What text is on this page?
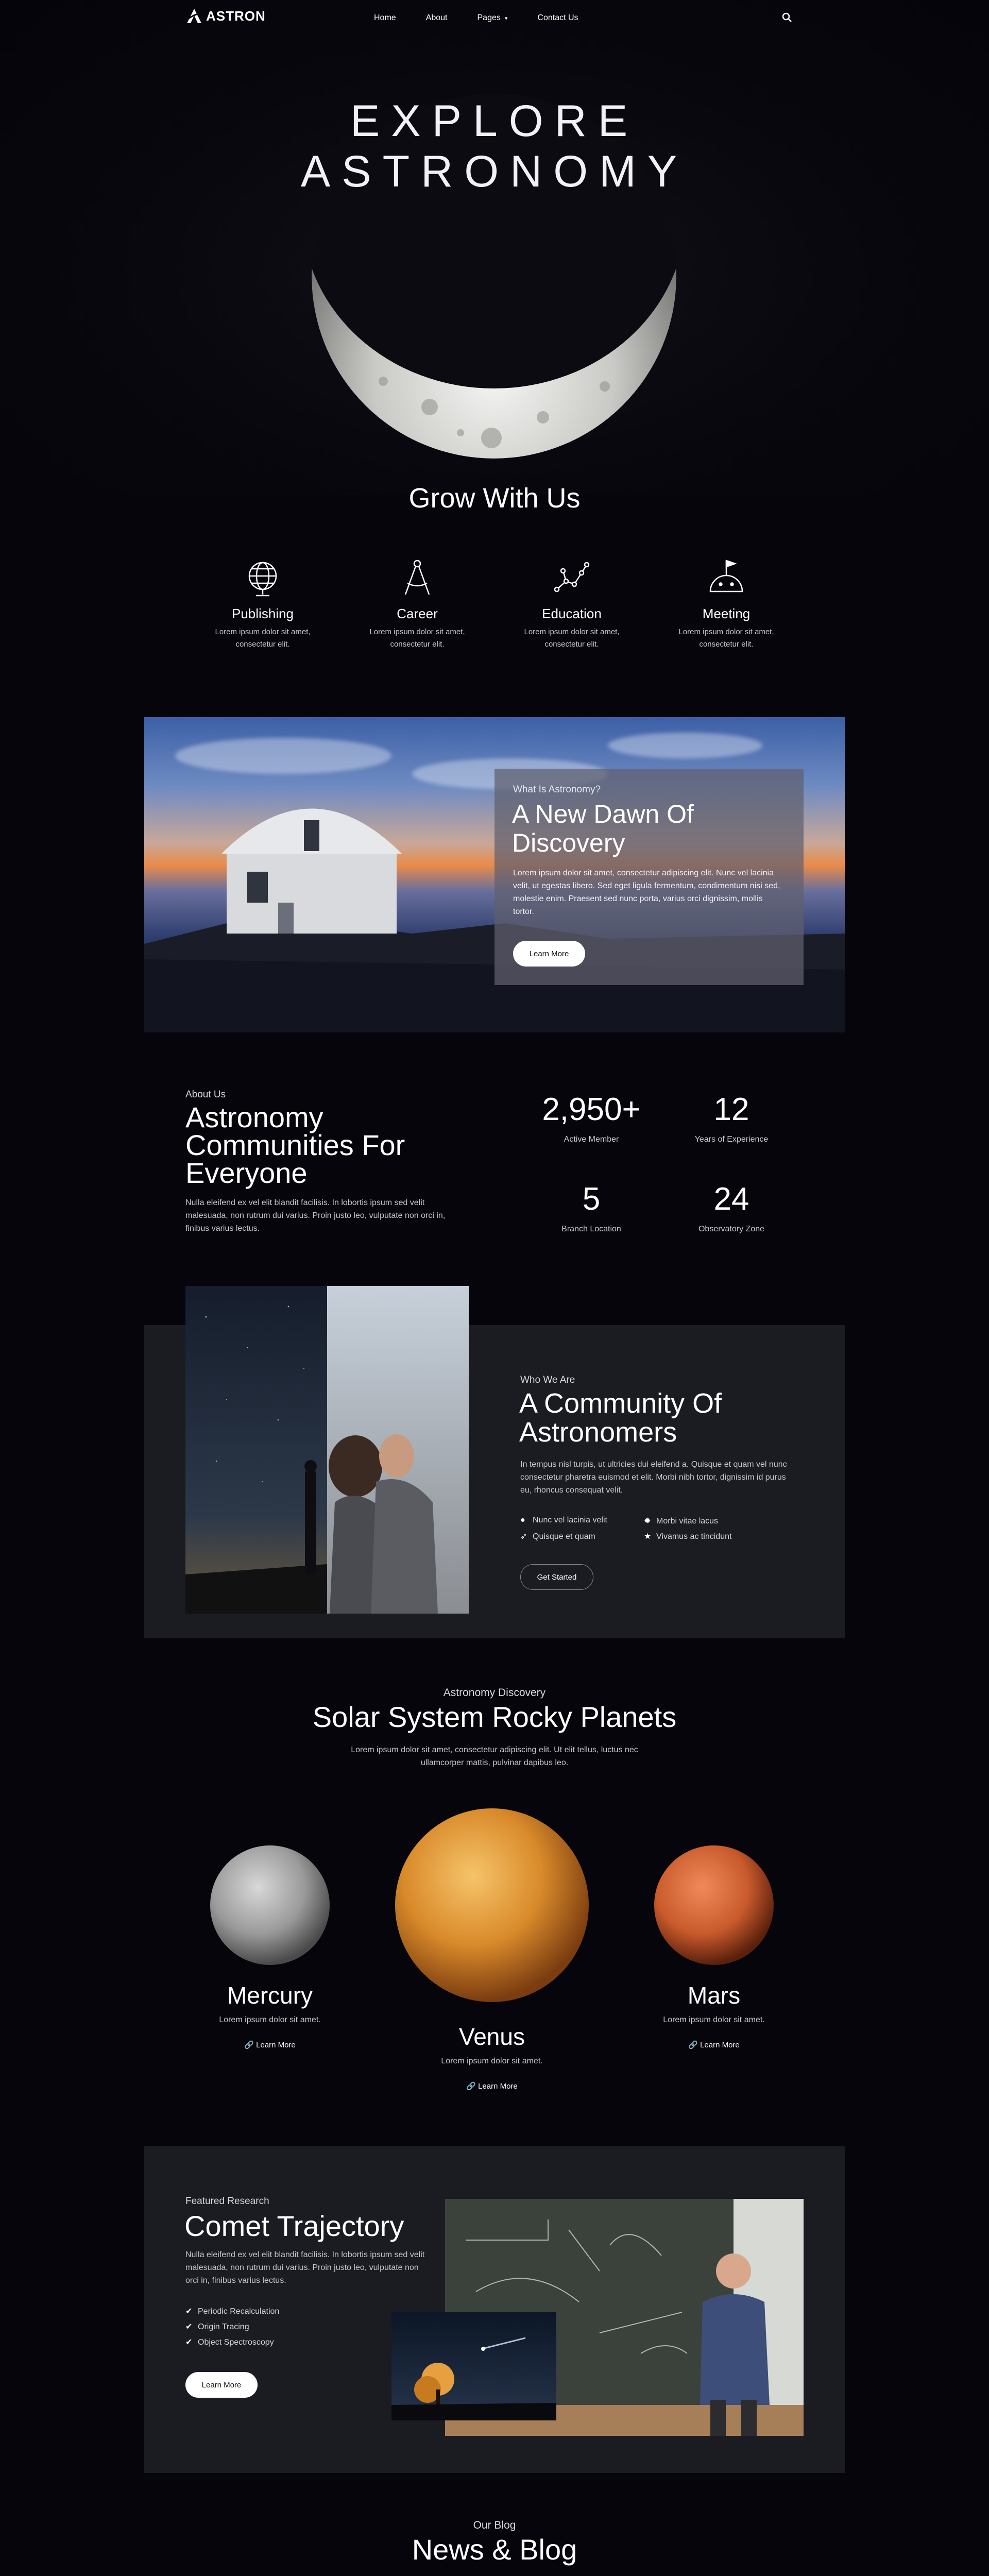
EXPLORE
ASTRONOMY
ASTRON	Home	About	Pages ▾	Contact Us
Grow With Us
Publishing

Lorem ipsum dolor sit amet, consectetur elit.

Career

Lorem ipsum dolor sit amet, consectetur elit.

Education

Lorem ipsum dolor sit amet, consectetur elit.

Meeting

Lorem ipsum dolor sit amet, consectetur elit.

What Is Astronomy?
A New Dawn Of Discovery
Lorem ipsum dolor sit amet, consectetur adipiscing elit. Nunc vel lacinia velit, ut egestas libero. Sed eget ligula fermentum, condimentum nisi sed, molestie enim. Praesent sed nunc porta, varius orci dignissim, mollis tortor.
Learn More
About Us
Astronomy Communities For Everyone
Nulla eleifend ex vel elit blandit facilisis. In lobortis ipsum sed velit malesuada, non rutrum dui varius. Proin justo leo, vulputate non orci in, finibus varius lectus.
2,950+
Active Member
12
Years of Experience
5
Branch Location
24
Observatory Zone
Who We Are
A Community Of Astronomers
In tempus nisl turpis, ut ultricies dui eleifend a. Quisque et quam vel nunc consectetur pharetra euismod et elit. Morbi nibh tortor, dignissim id purus eu, rhoncus consequat velit.
● Nunc vel lacinia velit	✹ Morbi vitae lacus
➶ Quisque et quam	★ Vivamus ac tincidunt
Get Started
Astronomy Discovery
Solar System Rocky Planets
Lorem ipsum dolor sit amet, consectetur adipiscing elit. Ut elit tellus, luctus nec ullamcorper mattis, pulvinar dapibus leo.
Mercury
Lorem ipsum dolor sit amet.
🔗 Learn More	Venus
Lorem ipsum dolor sit amet.
🔗 Learn More
Mars
Lorem ipsum dolor sit amet.
🔗 Learn More
Featured Research
Comet Trajectory
Nulla eleifend ex vel elit blandit facilisis. In lobortis ipsum sed velit malesuada, non rutrum dui varius. Proin justo leo, vulputate non orci in, finibus varius lectus.
✔ Periodic Recalculation
✔ Origin Tracing
✔ Object Spectroscopy
Learn More
Our Blog
News & Blog
